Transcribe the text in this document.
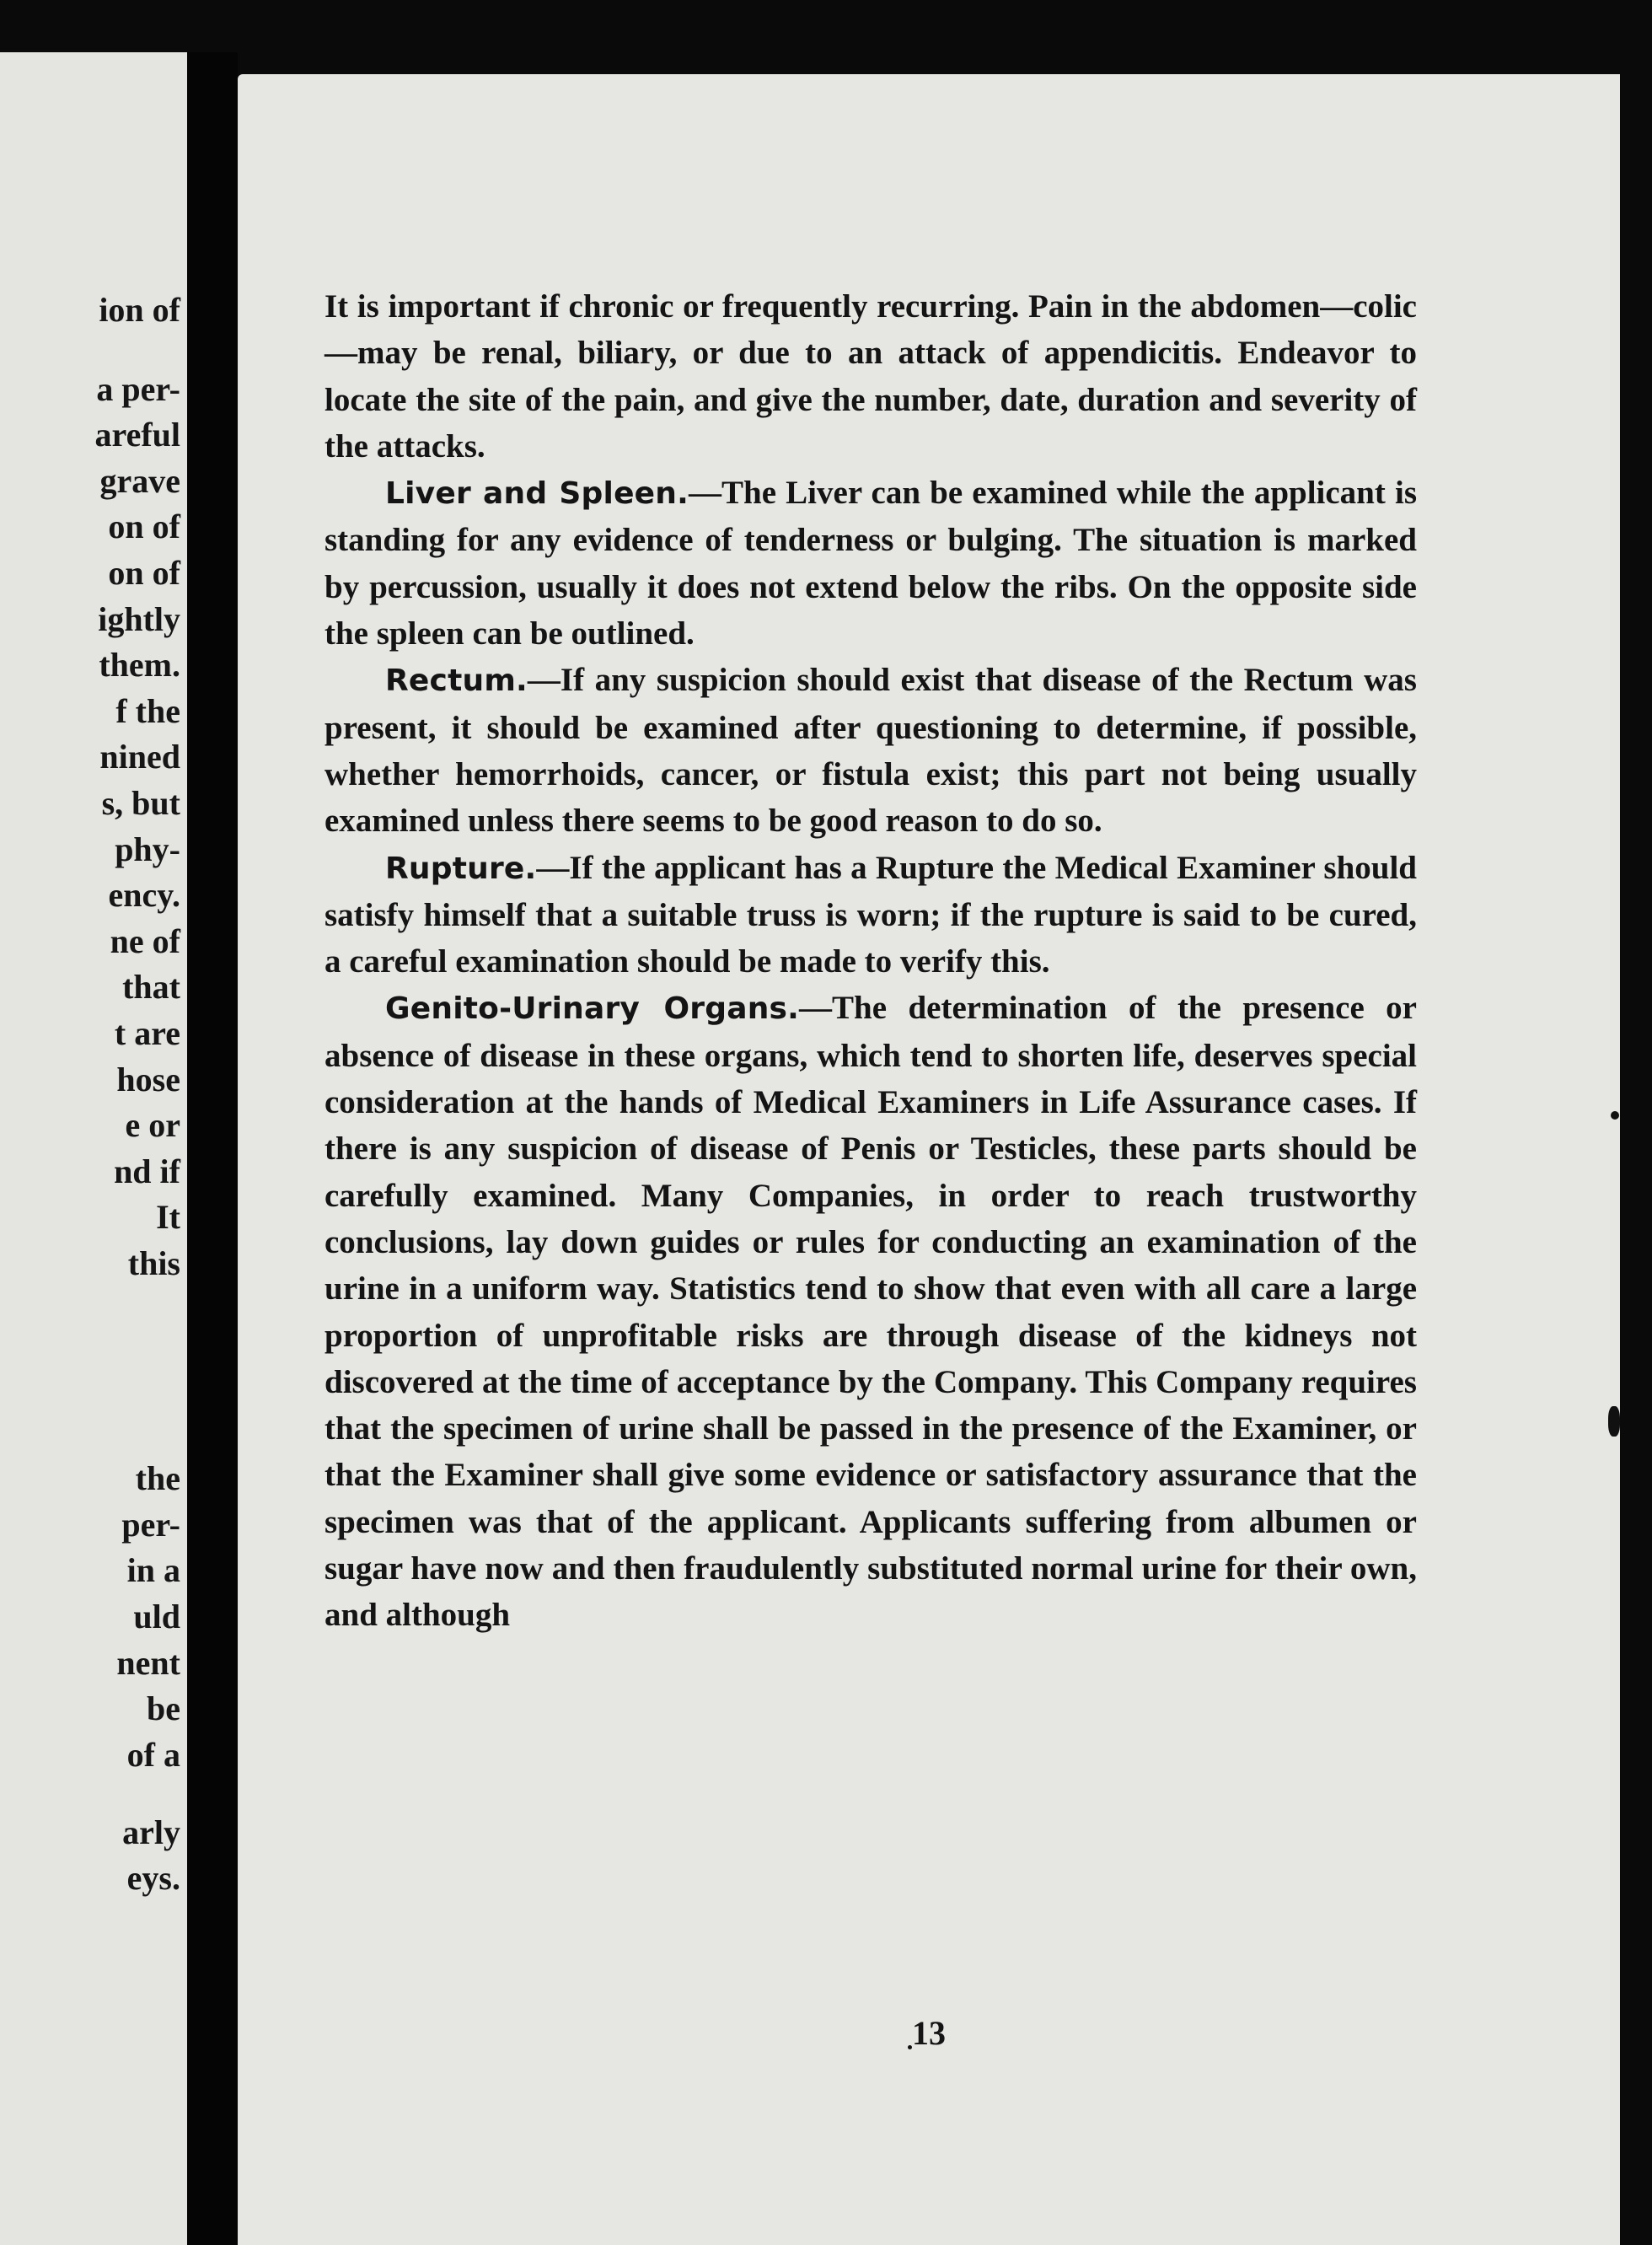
ion of
a per-
areful
grave
on of
on of
ightly
them.
f the
nined
s, but
phy-
ency.
ne of
that
t are
hose
e or
nd if
It
this
the
per-
in a
uld
nent
be
of a
arly
eys.

It is important if chronic or frequently recurring. Pain in the abdomen—colic—may be renal, biliary, or due to an attack of appendicitis. Endeavor to locate the site of the pain, and give the number, date, duration and severity of the attacks.

Liver and Spleen.—The Liver can be examined while the applicant is standing for any evidence of tenderness or bulging. The situation is marked by percussion, usually it does not extend below the ribs. On the opposite side the spleen can be outlined.

Rectum.—If any suspicion should exist that disease of the Rectum was present, it should be examined after questioning to determine, if possible, whether hemorrhoids, cancer, or fistula exist; this part not being usually examined unless there seems to be good reason to do so.

Rupture.—If the applicant has a Rupture the Medical Examiner should satisfy himself that a suitable truss is worn; if the rupture is said to be cured, a careful examination should be made to verify this.

Genito-Urinary Organs.—The determination of the presence or absence of disease in these organs, which tend to shorten life, deserves special consideration at the hands of Medical Examiners in Life Assurance cases. If there is any suspicion of disease of Penis or Testicles, these parts should be carefully examined. Many Companies, in order to reach trustworthy conclusions, lay down guides or rules for conducting an examination of the urine in a uniform way. Statistics tend to show that even with all care a large proportion of unprofitable risks are through disease of the kidneys not discovered at the time of acceptance by the Company. This Company requires that the specimen of urine shall be passed in the presence of the Examiner, or that the Examiner shall give some evidence or satisfactory assurance that the specimen was that of the applicant. Applicants suffering from albumen or sugar have now and then fraudulently substituted normal urine for their own, and although

13
